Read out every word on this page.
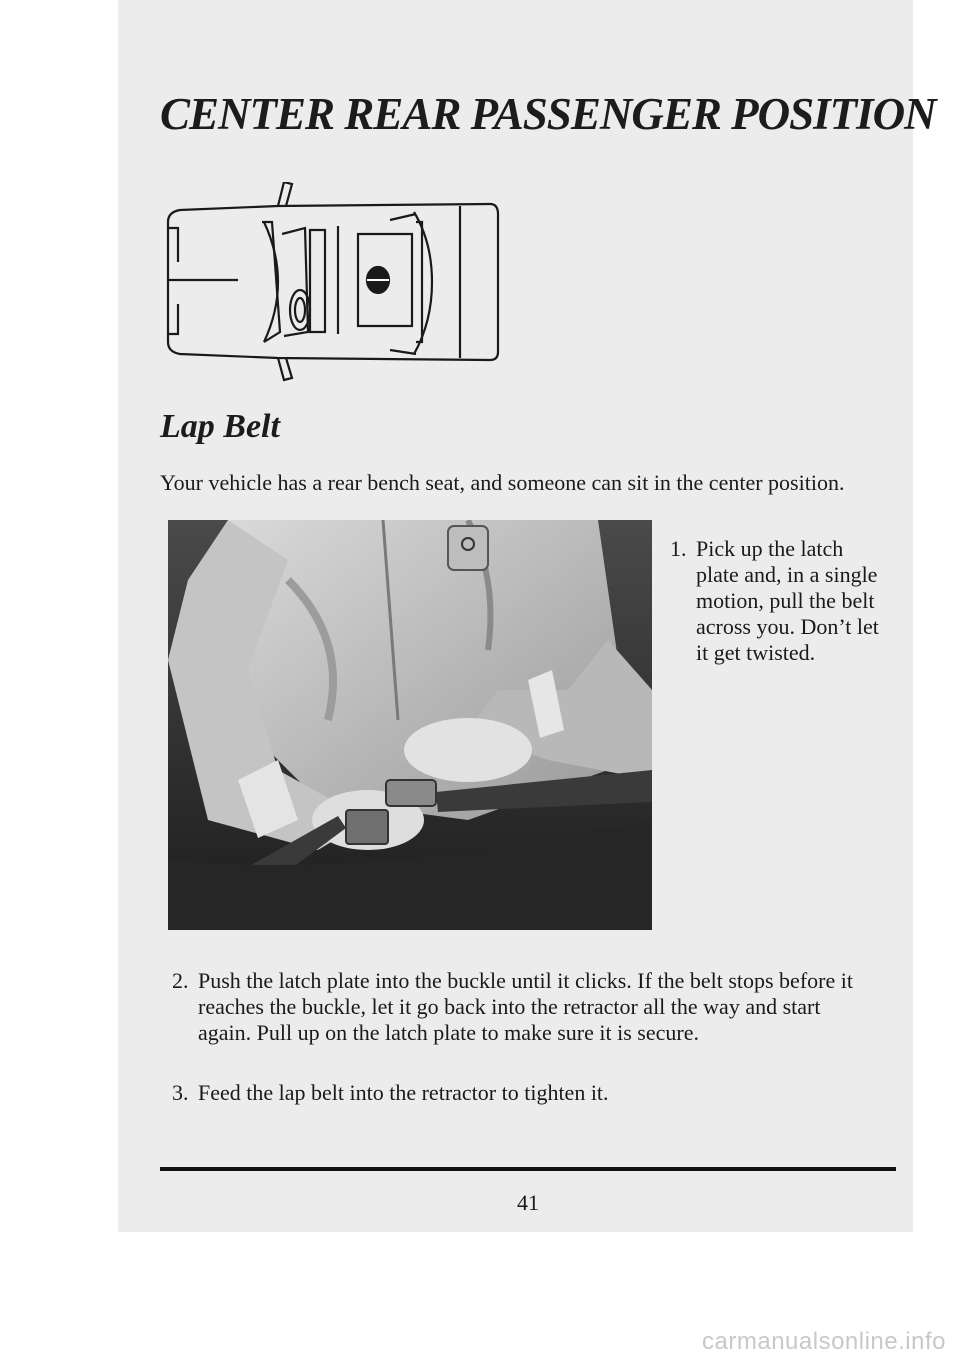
CENTER REAR PASSENGER POSITION
Lap Belt

Your vehicle has a rear bench seat, and someone can sit in the center position.

1. Pick up the latch plate and, in a single motion, pull the belt across you. Don’t let it get twisted.

2. Push the latch plate into the buckle until it clicks. If the belt stops before it reaches the buckle, let it go back into the retractor all the way and start again. Pull up on the latch plate to make sure it is secure.

3. Feed the lap belt into the retractor to tighten it.

41
carmanualsonline.info
